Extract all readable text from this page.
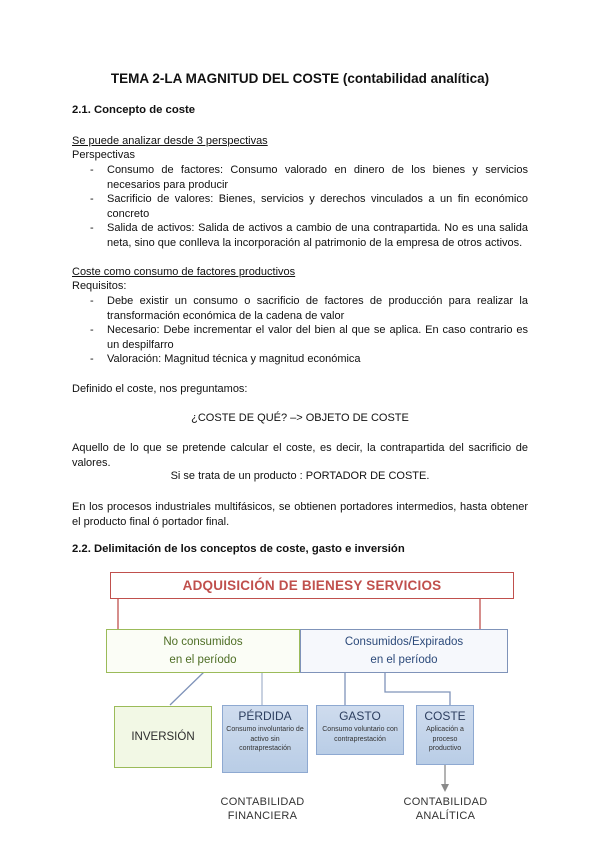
TEMA 2-LA MAGNITUD DEL COSTE (contabilidad analítica)
2.1. Concepto de coste
Se puede analizar desde 3 perspectivas
Perspectivas
- Consumo de factores: Consumo valorado en dinero de los bienes y servicios necesarios para producir
- Sacrificio de valores: Bienes, servicios y derechos vinculados a un fin económico concreto
- Salida de activos: Salida de activos a cambio de una contrapartida. No es una salida neta, sino que conlleva la incorporación al patrimonio de la empresa de otros activos.
Coste como consumo de factores productivos
Requisitos:
- Debe existir un consumo o sacrificio de factores de producción para realizar la transformación económica de la cadena de valor
- Necesario: Debe incrementar el valor del bien al que se aplica. En caso contrario es un despilfarro
- Valoración: Magnitud técnica y magnitud económica
Definido el coste, nos preguntamos:
¿COSTE DE QUÉ? –> OBJETO DE COSTE
Aquello de lo que se pretende calcular el coste, es decir, la contrapartida del sacrificio de valores.
Si se trata de un producto : PORTADOR DE COSTE.
En los procesos industriales multifásicos, se obtienen portadores intermedios, hasta obtener el producto final ó portador final.
2.2. Delimitación de los conceptos de coste, gasto e inversión
ADQUISICIÓN DE BIENESY SERVICIOS
No consumidos
en el período
Consumidos/Expirados
en el período
INVERSIÓN
PÉRDIDA
Consumo involuntario de activo sin contraprestación
GASTO
Consumo voluntario con contraprestación
COSTE
Aplicación a proceso productivo
CONTABILIDAD
FINANCIERA
CONTABILIDAD
ANALÍTICA
